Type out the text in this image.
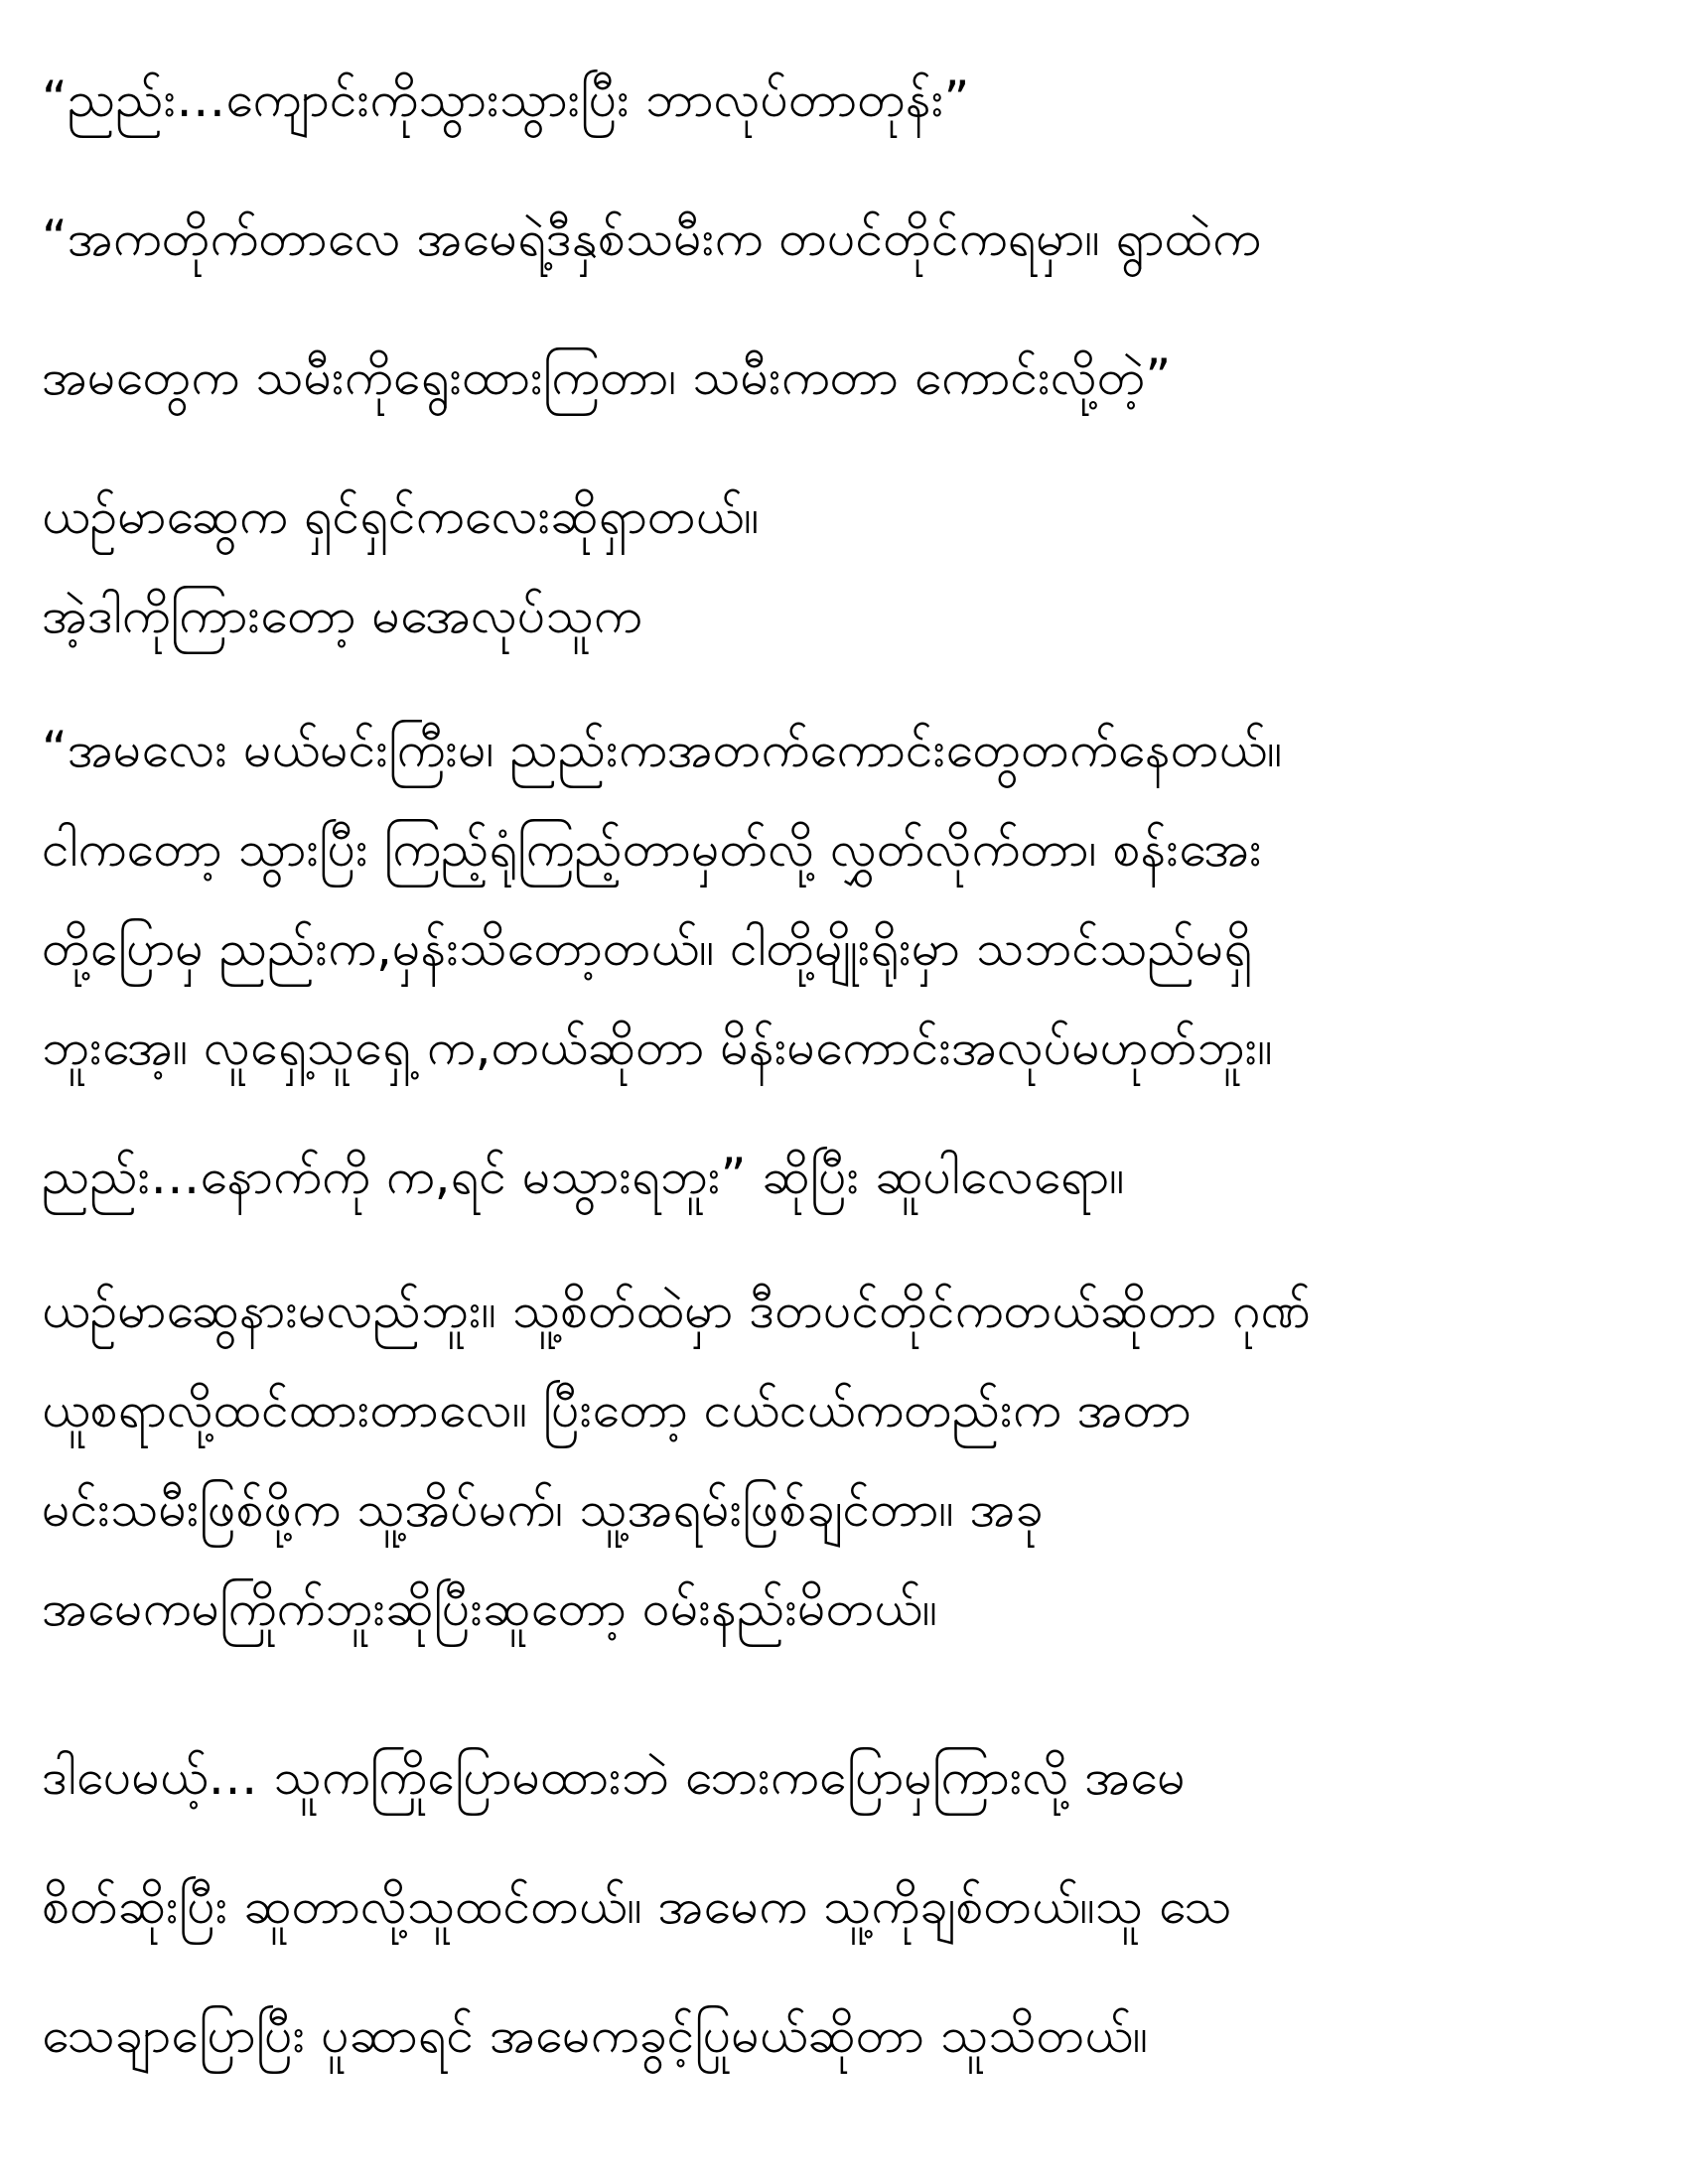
“ညည်း…ကျောင်းကိုသွားသွားပြီး ဘာလုပ်တာတုန်း”
“အကတိုက်တာလေ အမေရဲ့ဒီနှစ်သမီးက တပင်တိုင်ကရမှာ။ ရွာထဲက
အမတွေက သမီးကိုရွေးထားကြတာ၊ သမီးကတာ ကောင်းလို့တဲ့”
ယဉ်မာဆွေက ရှင်ရှင်ကလေးဆိုရှာတယ်။
အဲ့ဒါကိုကြားတော့ မအေလုပ်သူက
“အမလေး မယ်မင်းကြီးမ၊ ညည်းကအတက်ကောင်းတွေတက်နေတယ်။
ငါကတော့ သွားပြီး ကြည့်ရုံကြည့်တာမှတ်လို့ လွှတ်လိုက်တာ၊ စန်းအေး
တို့ပြောမှ ညည်းက,မှန်းသိတော့တယ်။ ငါတို့မျိုးရိုးမှာ သဘင်သည်မရှိ
ဘူးအေ့။ လူရှေ့သူရှေ့ က,တယ်ဆိုတာ မိန်းမကောင်းအလုပ်မဟုတ်ဘူး။
ညည်း…နောက်ကို က,ရင် မသွားရဘူး” ဆိုပြီး ဆူပါလေရော။
ယဉ်မာဆွေနားမလည်ဘူး။ သူ့စိတ်ထဲမှာ ဒီတပင်တိုင်ကတယ်ဆိုတာ ဂုဏ်
ယူစရာလို့ထင်ထားတာလေ။ ပြီးတော့ ငယ်ငယ်ကတည်းက အတာ
မင်းသမီးဖြစ်ဖို့က သူ့အိပ်မက်၊ သူ့အရမ်းဖြစ်ချင်တာ။ အခု
အမေကမကြိုက်ဘူးဆိုပြီးဆူတော့ ဝမ်းနည်းမိတယ်။
ဒါပေမယ့်… သူကကြိုပြောမထားဘဲ ဘေးကပြောမှကြားလို့ အမေ
စိတ်ဆိုးပြီး ဆူတာလို့သူထင်တယ်။ အမေက သူ့ကိုချစ်တယ်။သူ သေ
သေချာပြောပြီး ပူဆာရင် အမေကခွင့်ပြုမယ်ဆိုတာ သူသိတယ်။
